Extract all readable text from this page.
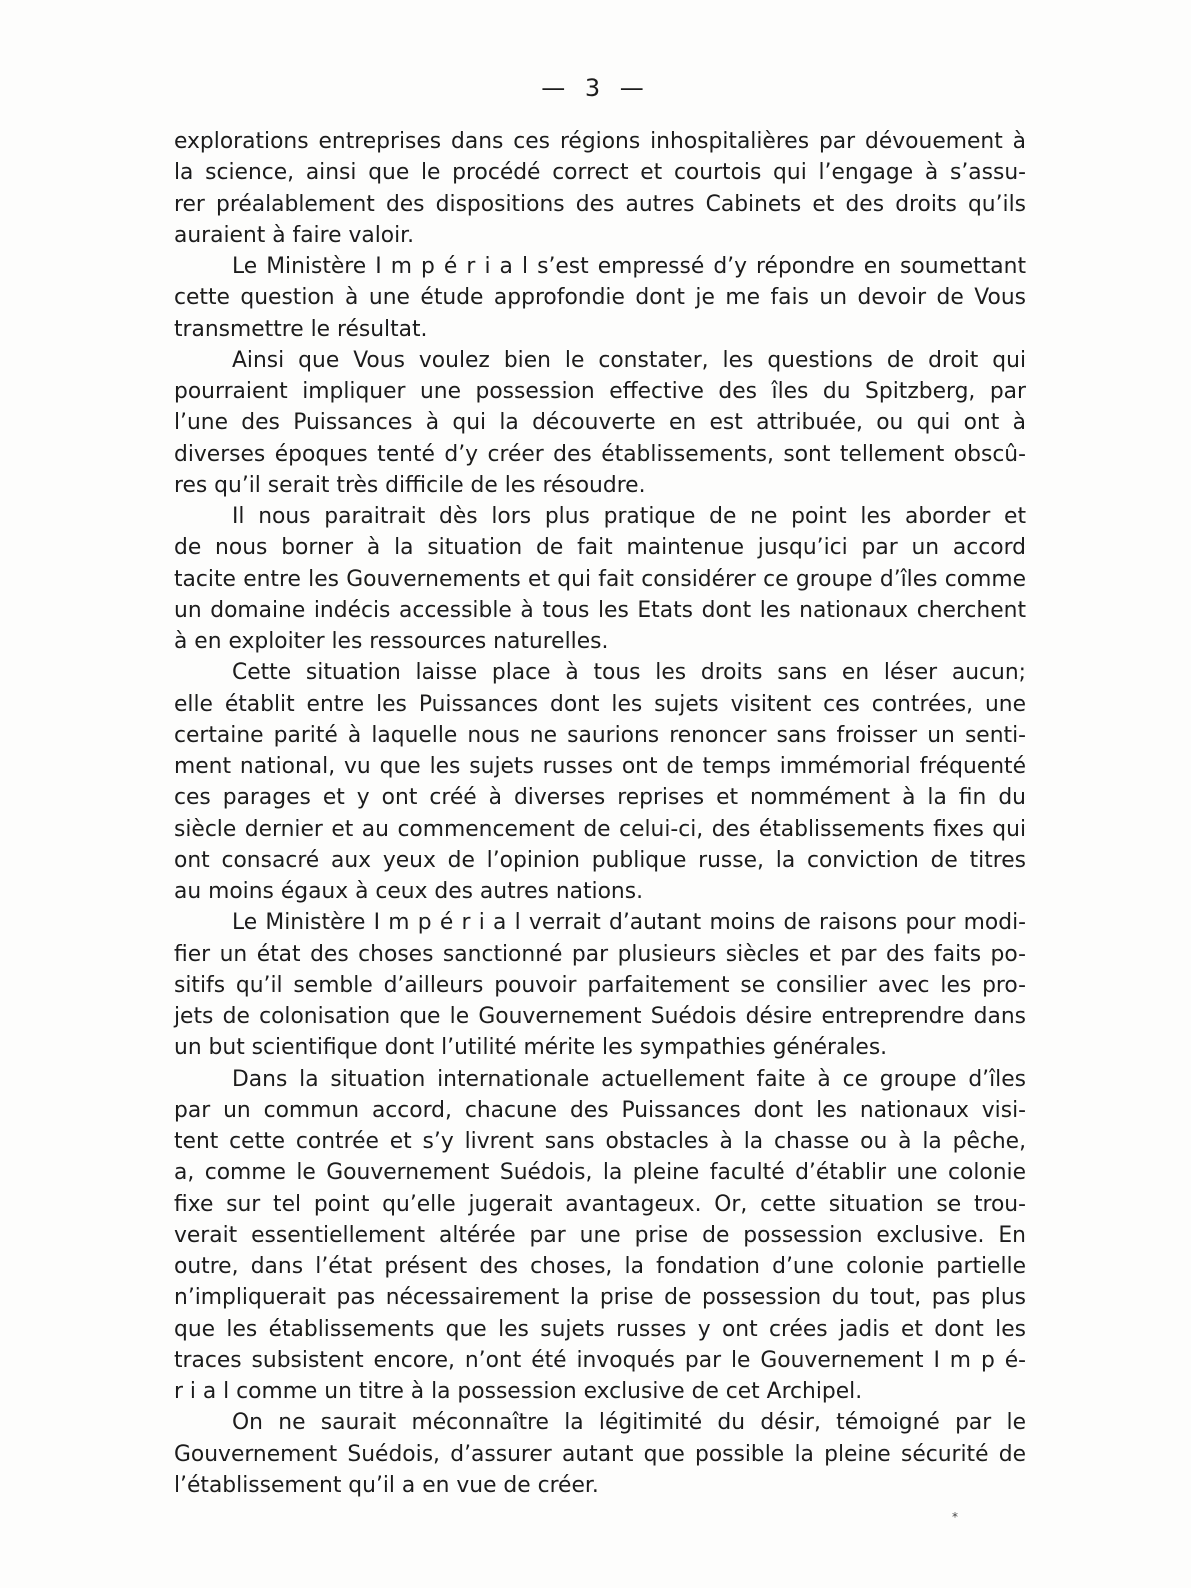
— 3 —
explorations entreprises dans ces régions inhospitalières par dévouement à
la science, ainsi que le procédé correct et courtois qui l’engage à s’assu-
rer préalablement des dispositions des autres Cabinets et des droits qu’ils
auraient à faire valoir.
Le Ministère I m p é r i a l s’est empressé d’y répondre en soumettant
cette question à une étude approfondie dont je me fais un devoir de Vous
transmettre le résultat.
Ainsi que Vous voulez bien le constater, les questions de droit qui
pourraient impliquer une possession effective des îles du Spitzberg, par
l’une des Puissances à qui la découverte en est attribuée, ou qui ont à
diverses époques tenté d’y créer des établissements, sont tellement obscû-
res qu’il serait très difficile de les résoudre.
Il nous paraitrait dès lors plus pratique de ne point les aborder et
de nous borner à la situation de fait maintenue jusqu’ici par un accord
tacite entre les Gouvernements et qui fait considérer ce groupe d’îles comme
un domaine indécis accessible à tous les Etats dont les nationaux cherchent
à en exploiter les ressources naturelles.
Cette situation laisse place à tous les droits sans en léser aucun;
elle établit entre les Puissances dont les sujets visitent ces contrées, une
certaine parité à laquelle nous ne saurions renoncer sans froisser un senti-
ment national, vu que les sujets russes ont de temps immémorial fréquenté
ces parages et y ont créé à diverses reprises et nommément à la fin du
siècle dernier et au commencement de celui-ci, des établissements fixes qui
ont consacré aux yeux de l’opinion publique russe, la conviction de titres
au moins égaux à ceux des autres nations.
Le Ministère I m p é r i a l verrait d’autant moins de raisons pour modi-
fier un état des choses sanctionné par plusieurs siècles et par des faits po-
sitifs qu’il semble d’ailleurs pouvoir parfaitement se consilier avec les pro-
jets de colonisation que le Gouvernement Suédois désire entreprendre dans
un but scientifique dont l’utilité mérite les sympathies générales.
Dans la situation internationale actuellement faite à ce groupe d’îles
par un commun accord, chacune des Puissances dont les nationaux visi-
tent cette contrée et s’y livrent sans obstacles à la chasse ou à la pêche,
a, comme le Gouvernement Suédois, la pleine faculté d’établir une colonie
fixe sur tel point qu’elle jugerait avantageux. Or, cette situation se trou-
verait essentiellement altérée par une prise de possession exclusive. En
outre, dans l’état présent des choses, la fondation d’une colonie partielle
n’impliquerait pas nécessairement la prise de possession du tout, pas plus
que les établissements que les sujets russes y ont crées jadis et dont les
traces subsistent encore, n’ont été invoqués par le Gouvernement I m p é-
r i a l comme un titre à la possession exclusive de cet Archipel.
On ne saurait méconnaître la légitimité du désir, témoigné par le
Gouvernement Suédois, d’assurer autant que possible la pleine sécurité de
l’établissement qu’il a en vue de créer.
*
